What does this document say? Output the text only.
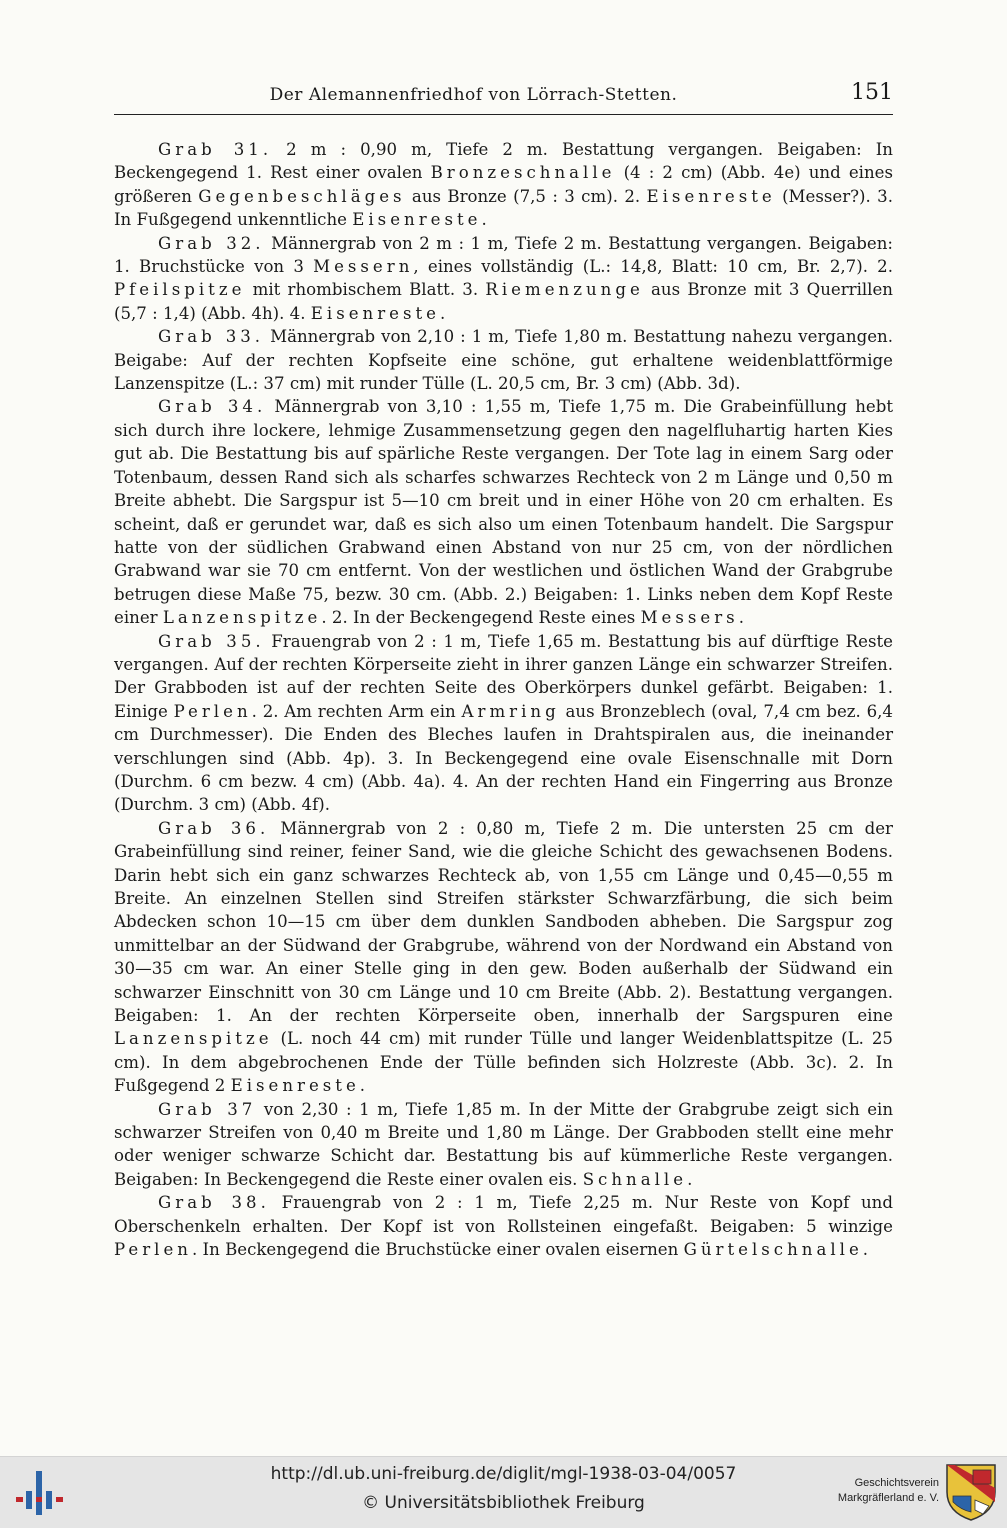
Der Alemannenfriedhof von Lörrach-Stetten.	151

Grab 31. 2 m : 0,90 m, Tiefe 2 m. Bestattung vergangen. Beigaben: In Beckengegend 1. Rest einer ovalen Bronzeschnalle (4 : 2 cm) (Abb. 4e) und eines größeren Gegenbeschläges aus Bronze (7,5 : 3 cm). 2. Eisenreste (Messer?). 3. In Fußgegend unkenntliche Eisenreste.

Grab 32. Männergrab von 2 m : 1 m, Tiefe 2 m. Bestattung vergangen. Beigaben: 1. Bruchstücke von 3 Messern, eines vollständig (L.: 14,8, Blatt: 10 cm, Br. 2,7). 2. Pfeilspitze mit rhombischem Blatt. 3. Riemenzunge aus Bronze mit 3 Querrillen (5,7 : 1,4) (Abb. 4h). 4. Eisenreste.

Grab 33. Männergrab von 2,10 : 1 m, Tiefe 1,80 m. Bestattung nahezu vergangen. Beigabe: Auf der rechten Kopfseite eine schöne, gut erhaltene weidenblattförmige Lanzenspitze (L.: 37 cm) mit runder Tülle (L. 20,5 cm, Br. 3 cm) (Abb. 3d).

Grab 34. Männergrab von 3,10 : 1,55 m, Tiefe 1,75 m. Die Grabeinfüllung hebt sich durch ihre lockere, lehmige Zusammensetzung gegen den nagelfluhartig harten Kies gut ab. Die Bestattung bis auf spärliche Reste vergangen. Der Tote lag in einem Sarg oder Totenbaum, dessen Rand sich als scharfes schwarzes Rechteck von 2 m Länge und 0,50 m Breite abhebt. Die Sargspur ist 5—10 cm breit und in einer Höhe von 20 cm erhalten. Es scheint, daß er gerundet war, daß es sich also um einen Totenbaum handelt. Die Sargspur hatte von der südlichen Grabwand einen Abstand von nur 25 cm, von der nördlichen Grabwand war sie 70 cm entfernt. Von der westlichen und östlichen Wand der Grabgrube betrugen diese Maße 75, bezw. 30 cm. (Abb. 2.) Beigaben: 1. Links neben dem Kopf Reste einer Lanzenspitze. 2. In der Beckengegend Reste eines Messers.

Grab 35. Frauengrab von 2 : 1 m, Tiefe 1,65 m. Bestattung bis auf dürftige Reste vergangen. Auf der rechten Körperseite zieht in ihrer ganzen Länge ein schwarzer Streifen. Der Grabboden ist auf der rechten Seite des Oberkörpers dunkel gefärbt. Beigaben: 1. Einige Perlen. 2. Am rechten Arm ein Armring aus Bronzeblech (oval, 7,4 cm bez. 6,4 cm Durchmesser). Die Enden des Bleches laufen in Drahtspiralen aus, die ineinander verschlungen sind (Abb. 4p). 3. In Beckengegend eine ovale Eisenschnalle mit Dorn (Durchm. 6 cm bezw. 4 cm) (Abb. 4a). 4. An der rechten Hand ein Fingerring aus Bronze (Durchm. 3 cm) (Abb. 4f).

Grab 36. Männergrab von 2 : 0,80 m, Tiefe 2 m. Die untersten 25 cm der Grabeinfüllung sind reiner, feiner Sand, wie die gleiche Schicht des gewachsenen Bodens. Darin hebt sich ein ganz schwarzes Rechteck ab, von 1,55 cm Länge und 0,45—0,55 m Breite. An einzelnen Stellen sind Streifen stärkster Schwarzfärbung, die sich beim Abdecken schon 10—15 cm über dem dunklen Sandboden abheben. Die Sargspur zog unmittelbar an der Südwand der Grabgrube, während von der Nordwand ein Abstand von 30—35 cm war. An einer Stelle ging in den gew. Boden außerhalb der Südwand ein schwarzer Einschnitt von 30 cm Länge und 10 cm Breite (Abb. 2). Bestattung vergangen. Beigaben: 1. An der rechten Körperseite oben, innerhalb der Sargspuren eine Lanzenspitze (L. noch 44 cm) mit runder Tülle und langer Weidenblattspitze (L. 25 cm). In dem abgebrochenen Ende der Tülle befinden sich Holzreste (Abb. 3c). 2. In Fußgegend 2 Eisenreste.

Grab 37 von 2,30 : 1 m, Tiefe 1,85 m. In der Mitte der Grabgrube zeigt sich ein schwarzer Streifen von 0,40 m Breite und 1,80 m Länge. Der Grabboden stellt eine mehr oder weniger schwarze Schicht dar. Bestattung bis auf kümmerliche Reste vergangen. Beigaben: In Beckengegend die Reste einer ovalen eis. Schnalle.

Grab 38. Frauengrab von 2 : 1 m, Tiefe 2,25 m. Nur Reste von Kopf und Oberschenkeln erhalten. Der Kopf ist von Rollsteinen eingefaßt. Beigaben: 5 winzige Perlen. In Beckengegend die Bruchstücke einer ovalen eisernen Gürtelschnalle.

http://dl.ub.uni-freiburg.de/diglit/mgl-1938-03-04/0057
© Universitätsbibliothek Freiburg
Geschichtsverein
Markgräflerland e. V.
